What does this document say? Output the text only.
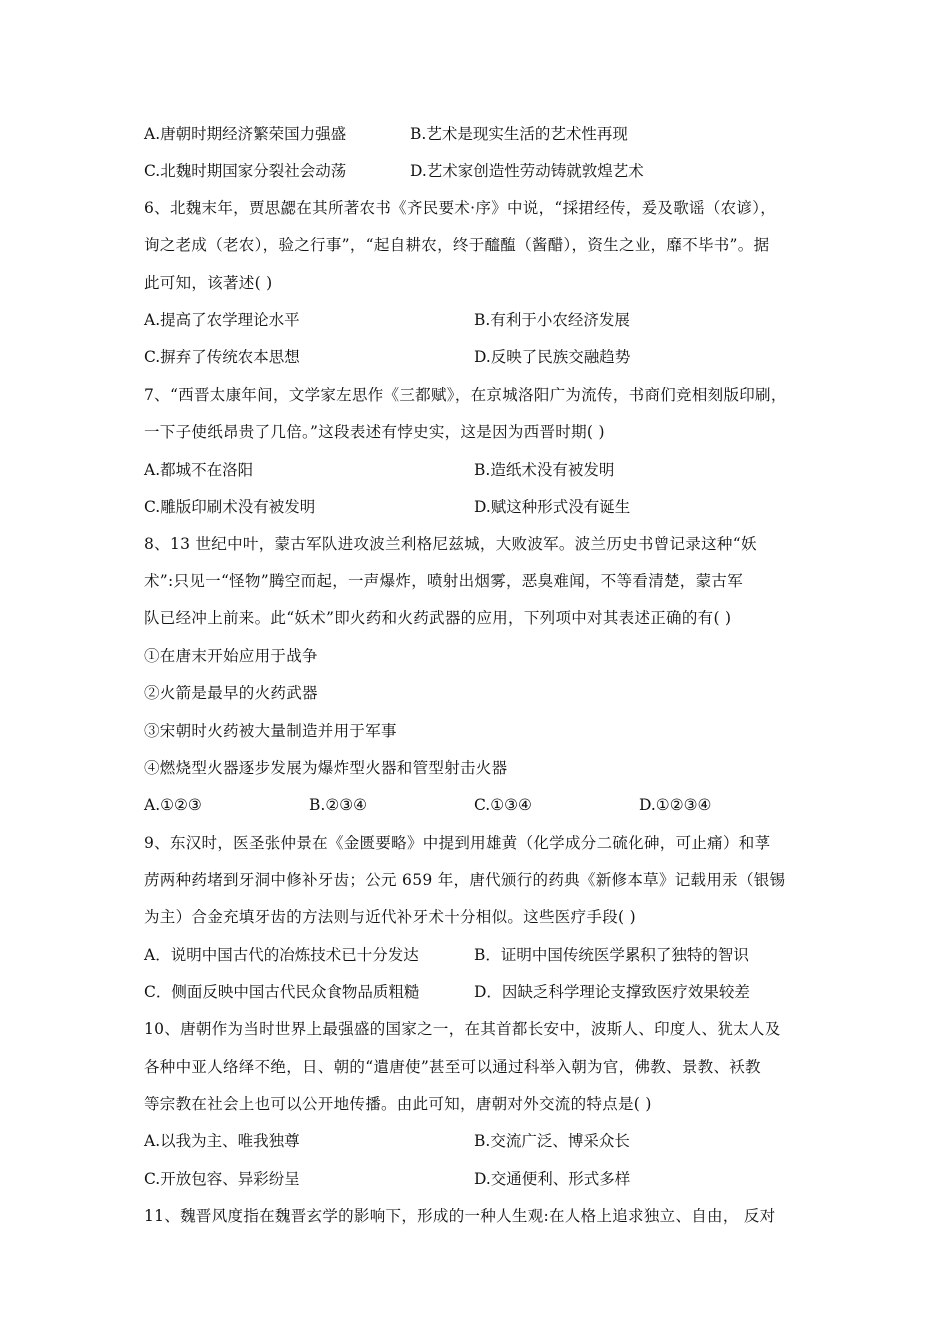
A.唐朝时期经济繁荣国力强盛	B.艺术是现实生活的艺术性再现
C.北魏时期国家分裂社会动荡	D.艺术家创造性劳动铸就敦煌艺术
6、北魏末年，贾思勰在其所著农书《齐民要术·序》中说，“採捃经传，爰及歌谣（农谚），
询之老成（老农），验之行事”，“起自耕农，终于醯醢（酱醋），资生之业，靡不毕书”。据
此可知，该著述( )
A.提高了农学理论水平	B.有利于小农经济发展
C.摒弃了传统农本思想	D.反映了民族交融趋势
7、“西晋太康年间，文学家左思作《三都赋》，在京城洛阳广为流传，书商们竞相刻版印刷，
一下子使纸昂贵了几倍。”这段表述有悖史实，这是因为西晋时期( )
A.都城不在洛阳	B.造纸术没有被发明
C.雕版印刷术没有被发明	D.赋这种形式没有诞生
8、13 世纪中叶，蒙古军队进攻波兰利格尼兹城，大败波军。波兰历史书曾记录这种“妖
术”:只见一“怪物”腾空而起，一声爆炸，喷射出烟雾，恶臭难闻，不等看清楚，蒙古军
队已经冲上前来。此“妖术”即火药和火药武器的应用，下列项中对其表述正确的有( )
①在唐末开始应用于战争
②火箭是最早的火药武器
③宋朝时火药被大量制造并用于军事
④燃烧型火器逐步发展为爆炸型火器和管型射击火器
A.①②③	B.②③④	C.①③④	D.①②③④
9、东汉时，医圣张仲景在《金匮要略》中提到用雄黄（化学成分二硫化砷，可止痛）和莩
苈两种药堵到牙洞中修补牙齿；公元 659 年，唐代颁行的药典《新修本草》记载用汞（银锡
为主）合金充填牙齿的方法则与近代补牙术十分相似。这些医疗手段( )
A．说明中国古代的冶炼技术已十分发达	B．证明中国传统医学累积了独特的智识
C．侧面反映中国古代民众食物品质粗糙	D．因缺乏科学理论支撑致医疗效果较差
10、唐朝作为当时世界上最强盛的国家之一，在其首都长安中，波斯人、印度人、犹太人及
各种中亚人络绎不绝，日、朝的“遣唐使”甚至可以通过科举入朝为官，佛教、景教、袄教
等宗教在社会上也可以公开地传播。由此可知，唐朝对外交流的特点是( )
A.以我为主、唯我独尊	B.交流广泛、博采众长
C.开放包容、异彩纷呈	D.交通便利、形式多样
11、魏晋风度指在魏晋玄学的影响下，形成的一种人生观:在人格上追求独立、自由， 反对
